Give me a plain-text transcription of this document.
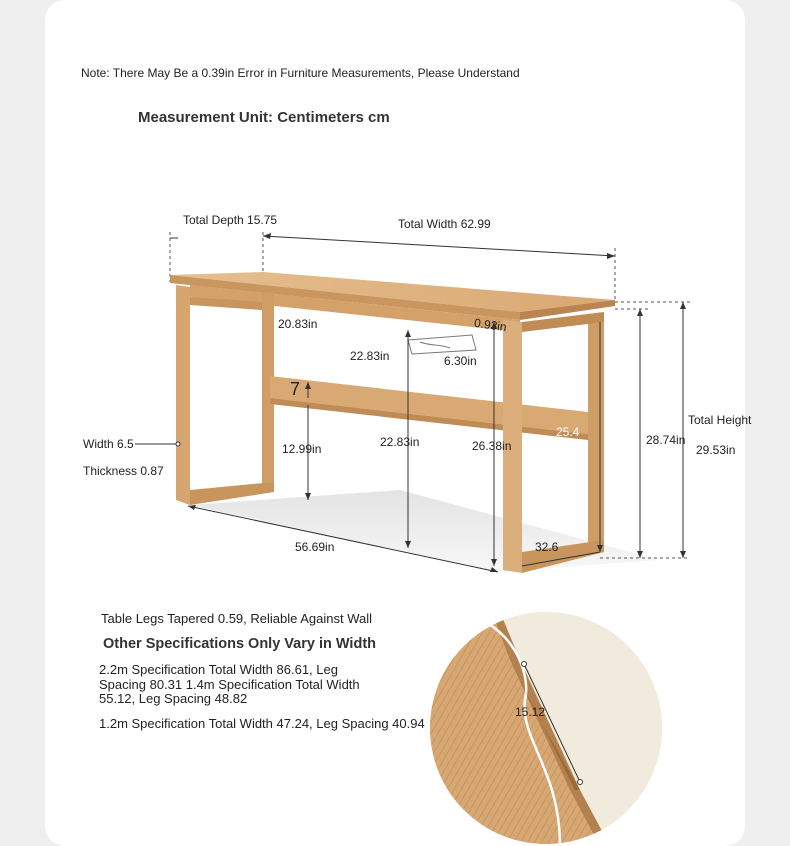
Note: There May Be a 0.39in Error in Furniture Measurements, Please Understand
Measurement Unit: Centimeters cm
Total Depth 15.75	Total Width 62.99
20.83in	0.93in
22.83in	6.30in
7
Width 6.5
Thickness 0.87
12.99in	22.83in	26.38in
25.4
28.74in
Total Height
29.53in
56.69in	32.6
Table Legs Tapered 0.59, Reliable Against Wall
Other Specifications Only Vary in Width
2.2m Specification Total Width 86.61, Leg Spacing 80.31 1.4m Specification Total Width 55.12, Leg Spacing 48.82
1.2m Specification Total Width 47.24, Leg Spacing 40.94
15.12
